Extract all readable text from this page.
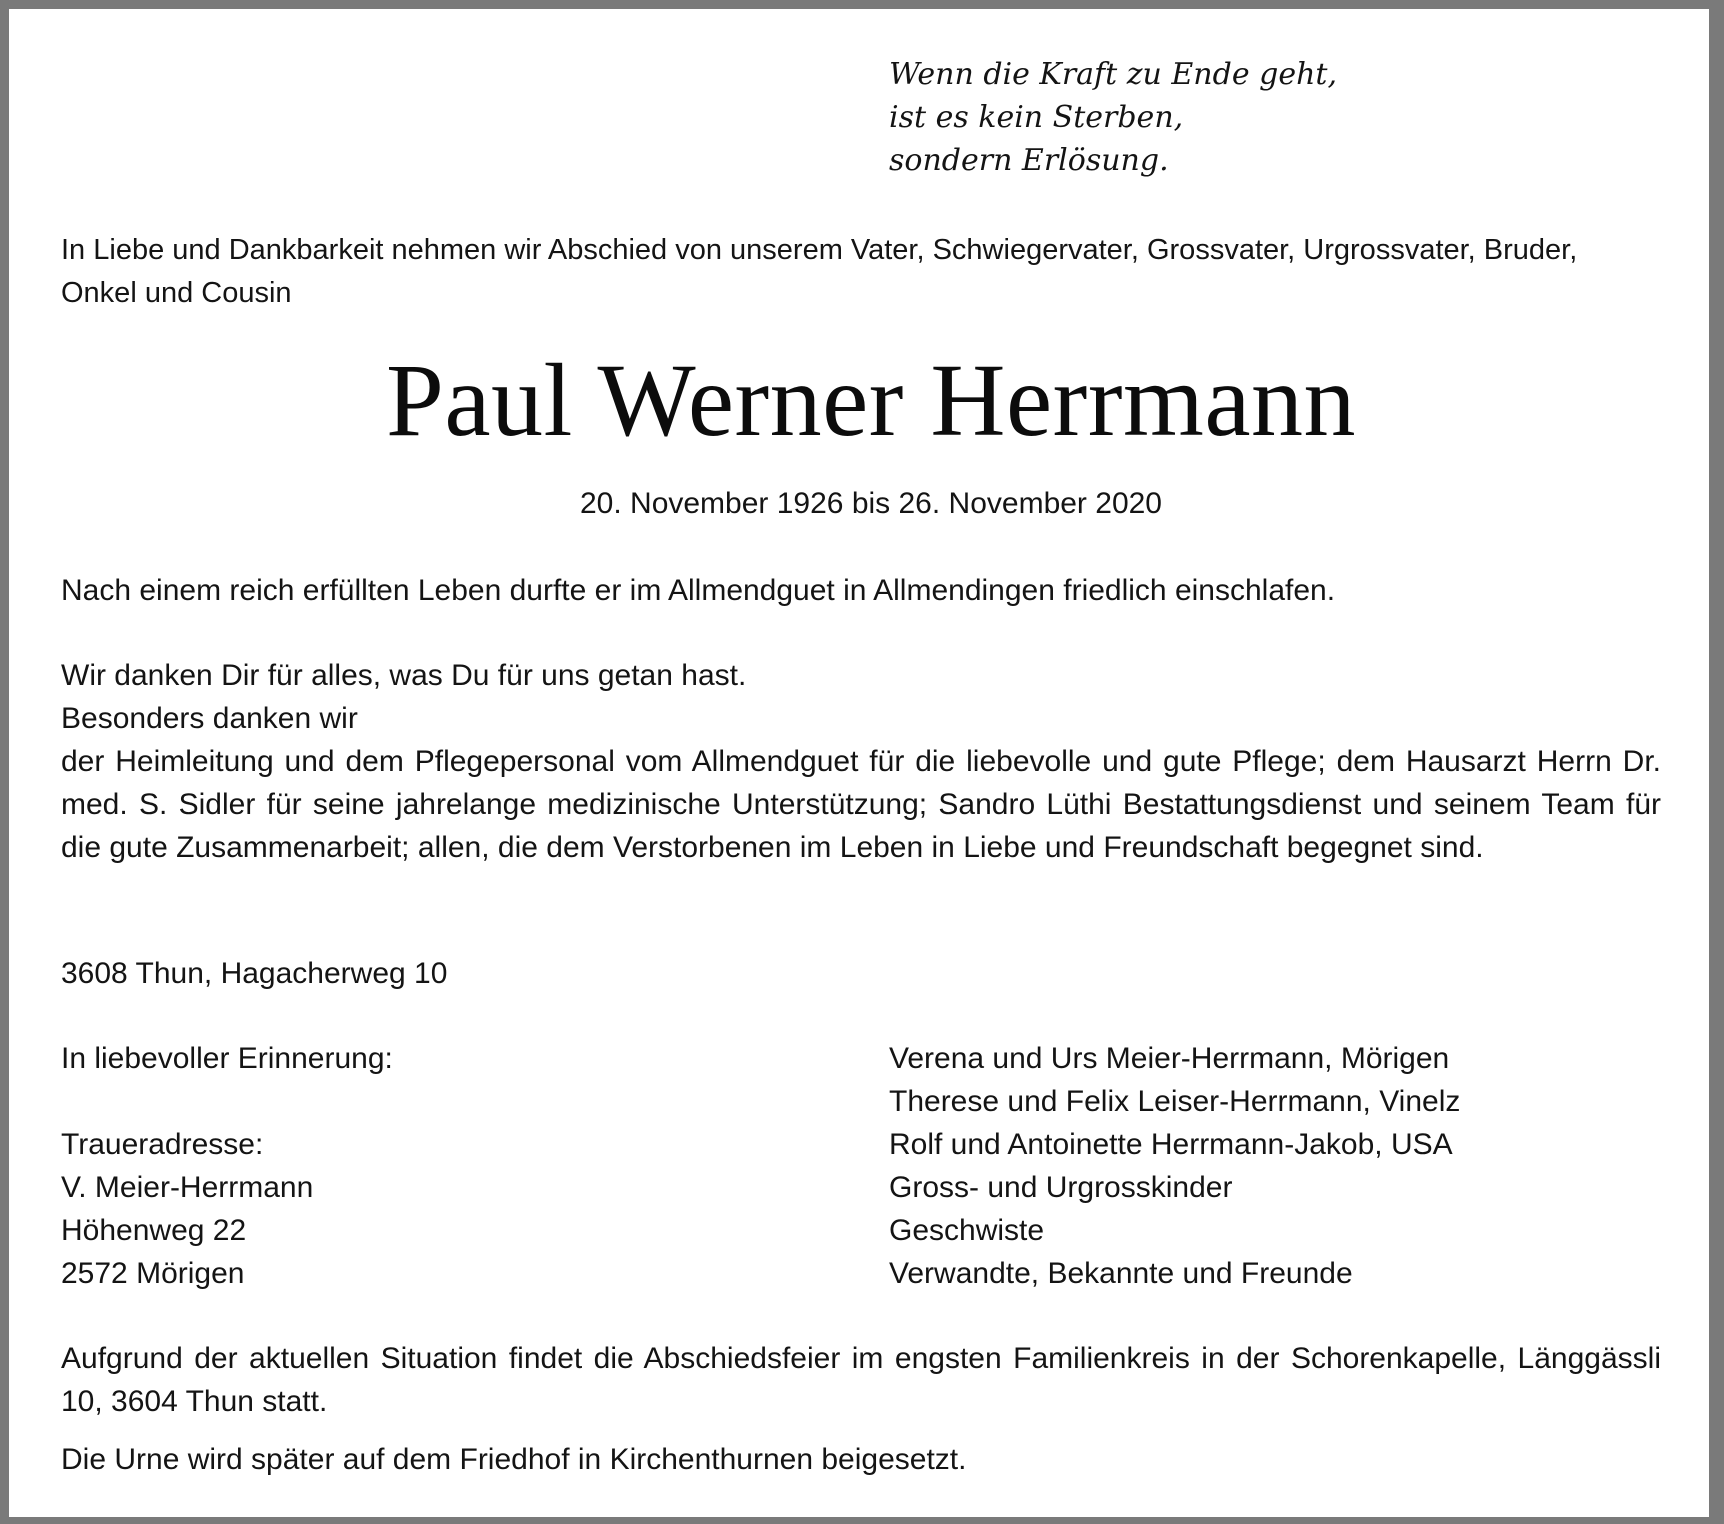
Wenn die Kraft zu Ende geht,
ist es kein Sterben,
sondern Erlösung.
In Liebe und Dankbarkeit nehmen wir Abschied von unserem Vater, Schwiegervater, Grossvater, Urgrossvater, Bruder, Onkel und Cousin
Paul Werner Herrmann
20. November 1926 bis 26. November 2020
Nach einem reich erfüllten Leben durfte er im Allmendguet in Allmendingen friedlich einschlafen.
Wir danken Dir für alles, was Du für uns getan hast.
Besonders danken wir
der Heimleitung und dem Pflegepersonal vom Allmendguet für die liebevolle und gute Pflege; dem Hausarzt Herrn Dr. med. S. Sidler für seine jahrelange medizinische Unterstützung; Sandro Lüthi Bestattungsdienst und seinem Team für die gute Zusammenarbeit; allen, die dem Verstorbenen im Leben in Liebe und Freundschaft begegnet sind.
3608 Thun, Hagacherweg 10
In liebevoller Erinnerung:
Traueradresse:
V. Meier-Herrmann
Höhenweg 22
2572 Mörigen
Verena und Urs Meier-Herrmann, Mörigen
Therese und Felix Leiser-Herrmann, Vinelz
Rolf und Antoinette Herrmann-Jakob, USA
Gross- und Urgrosskinder
Geschwiste
Verwandte, Bekannte und Freunde
Aufgrund der aktuellen Situation findet die Abschiedsfeier im engsten Familienkreis in der Schorenkapelle, Länggässli 10, 3604 Thun statt.
Die Urne wird später auf dem Friedhof in Kirchenthurnen beigesetzt.
